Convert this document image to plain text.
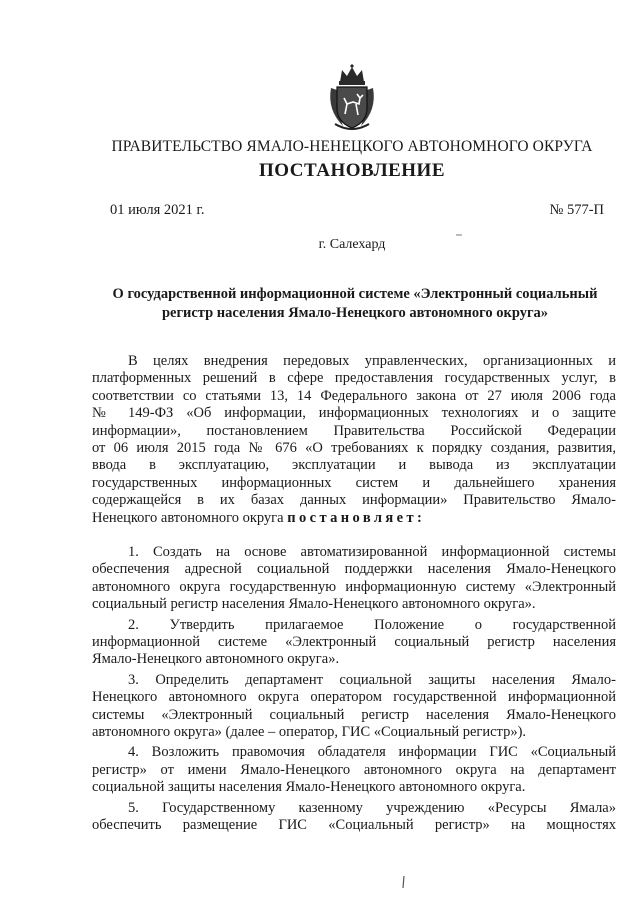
ПРАВИТЕЛЬСТВО ЯМАЛО-НЕНЕЦКОГО АВТОНОМНОГО ОКРУГА
ПОСТАНОВЛЕНИЕ
01 июля 2021 г.	№ 577-П
г. Салехард
О государственной информационной системе «Электронный социальный
регистр населения Ямало-Ненецкого автономного округа»
В целях внедрения передовых управленческих, организационных и
платформенных решений в сфере предоставления государственных услуг, в
соответствии со статьями 13, 14 Федерального закона от 27 июля 2006 года
№ 149-ФЗ «Об информации, информационных технологиях и о защите
информации», постановлением Правительства Российской Федерации
от 06 июля 2015 года № 676 «О требованиях к порядку создания, развития,
ввода в эксплуатацию, эксплуатации и вывода из эксплуатации
государственных информационных систем и дальнейшего хранения
содержащейся в их базах данных информации» Правительство Ямало-
Ненецкого автономного округа постановляет:
1. Создать на основе автоматизированной информационной системы
обеспечения адресной социальной поддержки населения Ямало-Ненецкого
автономного округа государственную информационную систему «Электронный
социальный регистр населения Ямало-Ненецкого автономного округа».
2. Утвердить прилагаемое Положение о государственной
информационной системе «Электронный социальный регистр населения
Ямало-Ненецкого автономного округа».
3. Определить департамент социальной защиты населения Ямало-
Ненецкого автономного округа оператором государственной информационной
системы «Электронный социальный регистр населения Ямало-Ненецкого
автономного округа» (далее – оператор, ГИС «Социальный регистр»).
4. Возложить правомочия обладателя информации ГИС «Социальный
регистр» от имени Ямало-Ненецкого автономного округа на департамент
социальной защиты населения Ямало-Ненецкого автономного округа.
5. Государственному казенному учреждению «Ресурсы Ямала»
обеспечить размещение ГИС «Социальный регистр» на мощностях
